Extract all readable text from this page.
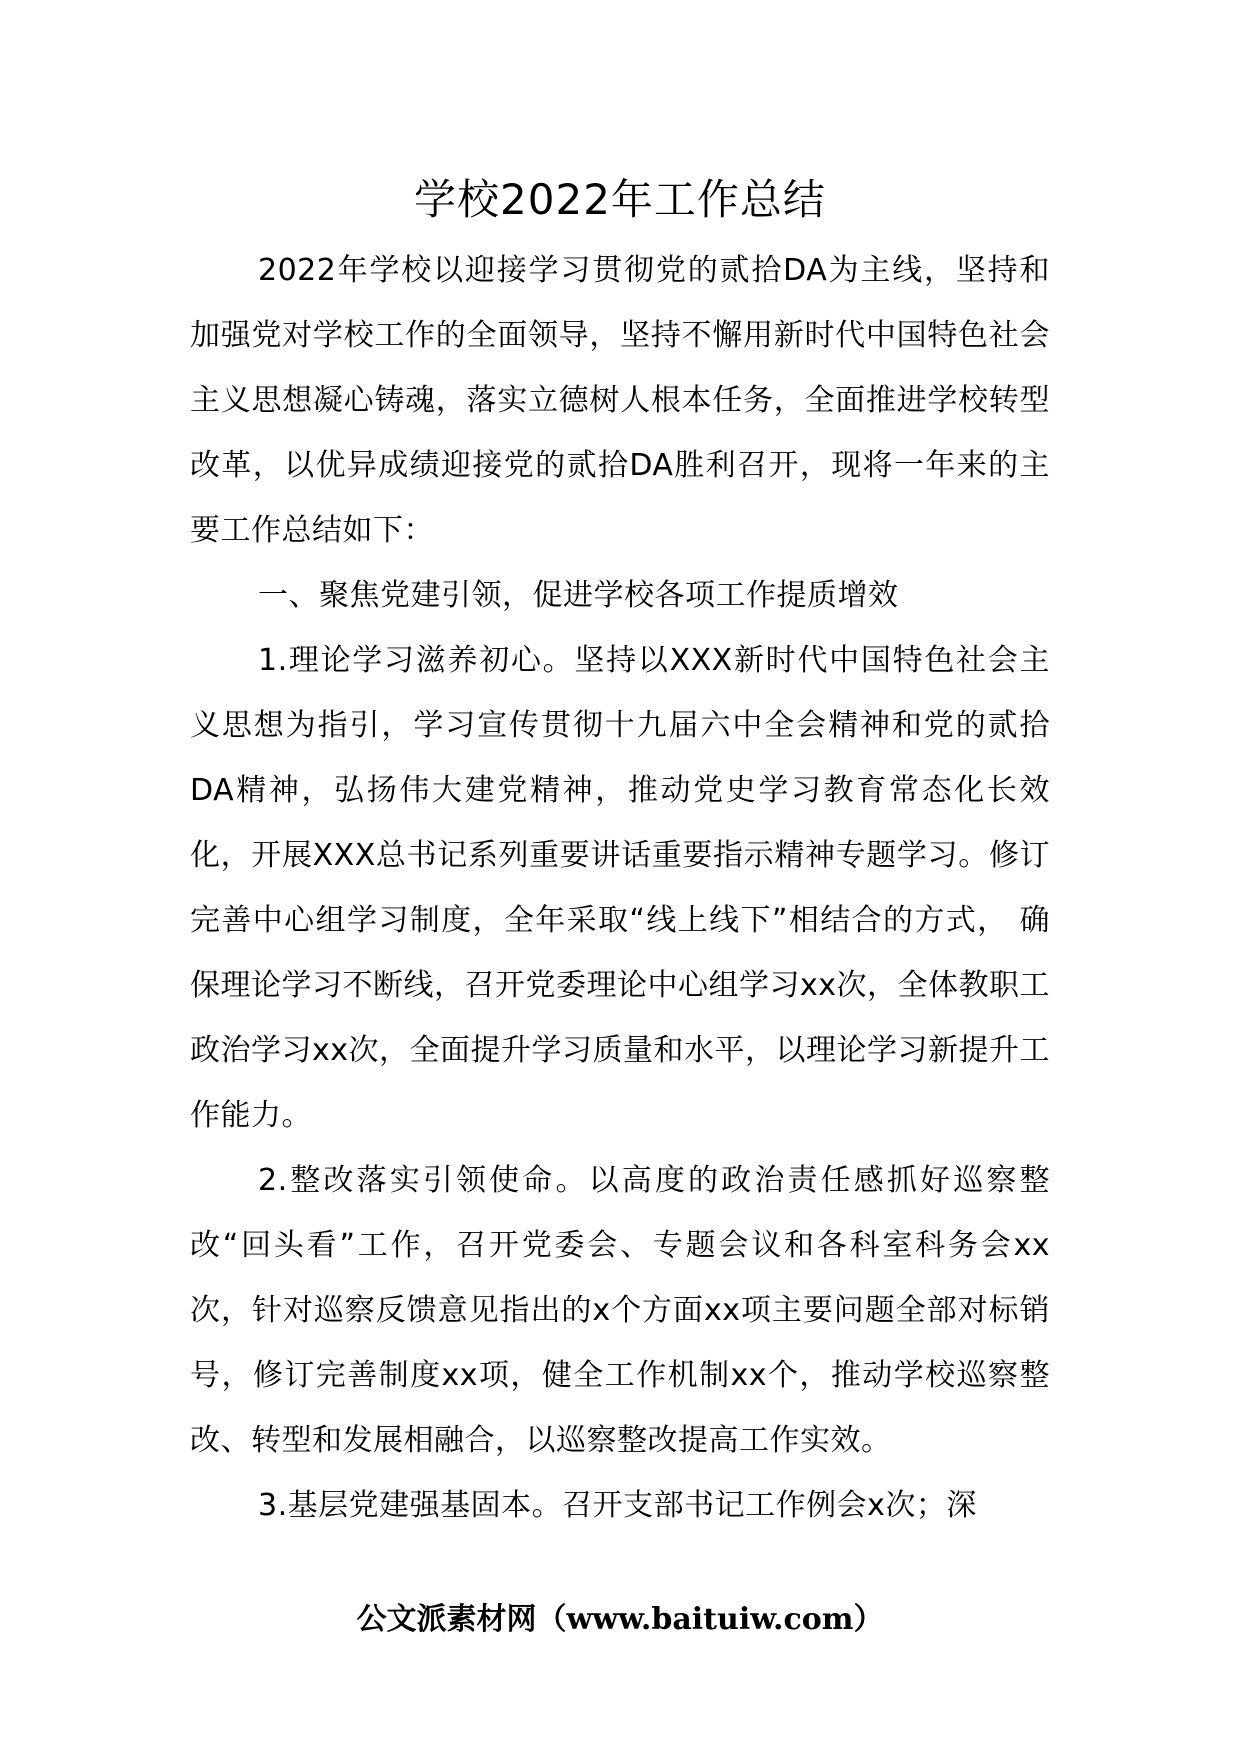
学校2022年工作总结

2022年学校以迎接学习贯彻党的贰拾DA为主线，坚持和加强党对学校工作的全面领导，坚持不懈用新时代中国特色社会主义思想凝心铸魂，落实立德树人根本任务，全面推进学校转型改革，以优异成绩迎接党的贰拾DA胜利召开，现将一年来的主要工作总结如下：

一、聚焦党建引领，促进学校各项工作提质增效

1.理论学习滋养初心。坚持以XXX新时代中国特色社会主义思想为指引，学习宣传贯彻十九届六中全会精神和党的贰拾DA精神，弘扬伟大建党精神，推动党史学习教育常态化长效化，开展XXX总书记系列重要讲话重要指示精神专题学习。修订完善中心组学习制度，全年采取“线上线下”相结合的方式， 确保理论学习不断线，召开党委理论中心组学习xx次，全体教职工政治学习xx次，全面提升学习质量和水平，以理论学习新提升工作能力。

2.整改落实引领使命。以高度的政治责任感抓好巡察整改“回头看”工作，召开党委会、专题会议和各科室科务会xx次，针对巡察反馈意见指出的x个方面xx项主要问题全部对标销号，修订完善制度xx项，健全工作机制xx个，推动学校巡察整改、转型和发展相融合，以巡察整改提高工作实效。

3.基层党建强基固本。召开支部书记工作例会x次；深

公文派素材网（www.baituiw.com）
